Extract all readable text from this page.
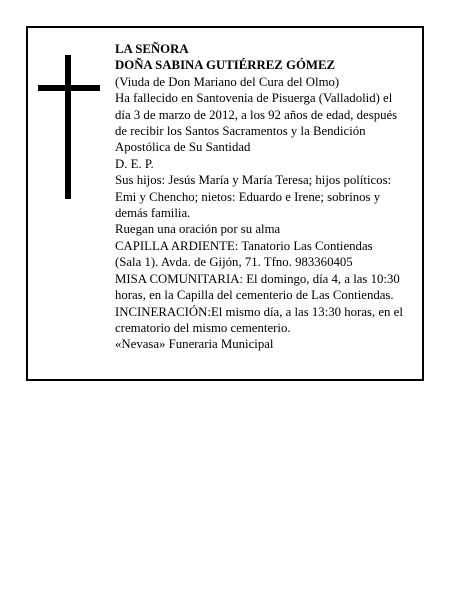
LA SEÑORA
DOÑA SABINA GUTIÉRREZ GÓMEZ
(Viuda de Don Mariano del Cura del Olmo)
Ha fallecido en Santovenia de Pisuerga (Valladolid) el
día 3 de marzo de 2012, a los 92 años de edad, después
de recibir los Santos Sacramentos y la Bendición
Apostólica de Su Santidad
D. E. P.
Sus hijos: Jesús María y María Teresa; hijos políticos:
Emi y Chencho; nietos: Eduardo e Irene; sobrinos y
demás familia.
Ruegan una oración por su alma
CAPILLA ARDIENTE: Tanatorio Las Contiendas
(Sala 1). Avda. de Gijón, 71. Tfno. 983360405
MISA COMUNITARIA: El domingo, día 4, a las 10:30
horas, en la Capilla del cementerio de Las Contiendas.
INCINERACIÓN:El mismo día, a las 13:30 horas, en el
crematorio del mismo cementerio.
«Nevasa» Funeraria Municipal
